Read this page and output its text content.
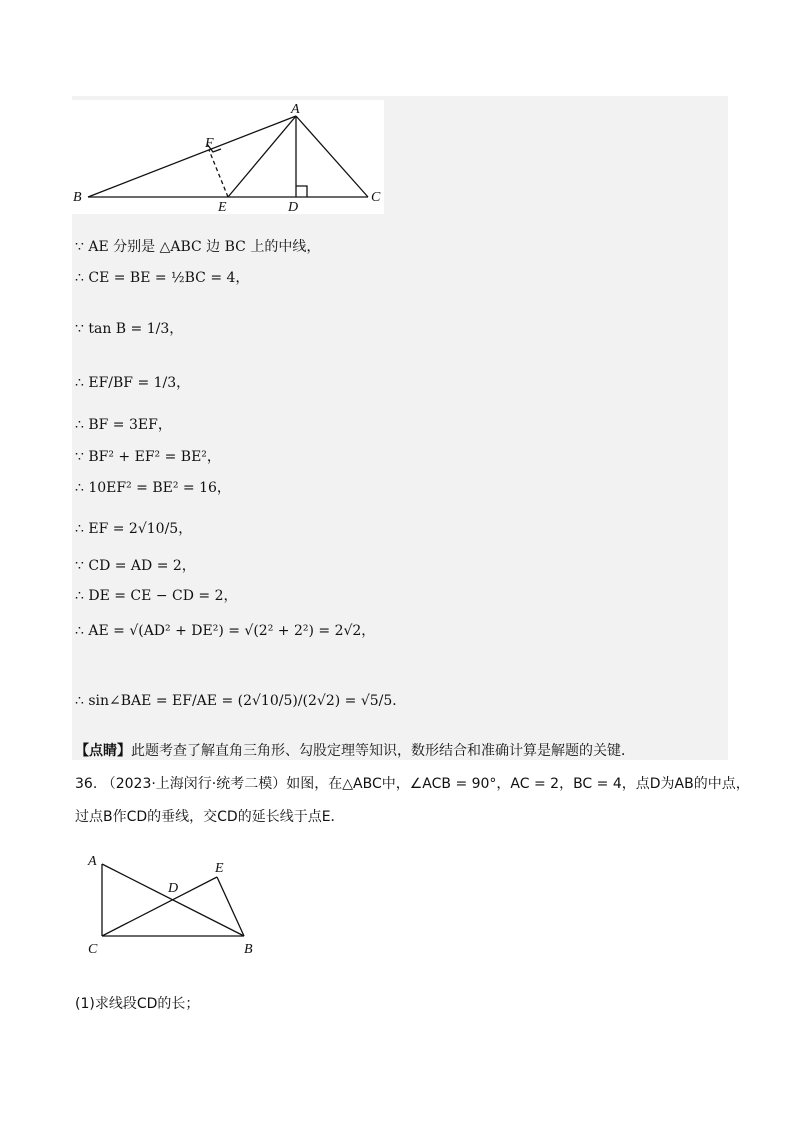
A
B	C
D
E
F
∵ AE 分别是 △ABC 边 BC 上的中线，
∴ CE = BE = ½BC = 4，
∵ tan B = 1/3，
∴ EF/BF = 1/3，
∴ BF = 3EF，
∵ BF² + EF² = BE²，
∴ 10EF² = BE² = 16，
∴ EF = 2√10/5，
∵ CD = AD = 2，
∴ DE = CE − CD = 2，
∴ AE = √(AD² + DE²) = √(2² + 2²) = 2√2，
∴ sin∠BAE = EF/AE = (2√10/5)/(2√2) = √5/5．
【点睛】此题考查了解直角三角形、勾股定理等知识，数形结合和准确计算是解题的关键．
36. （2023·上海闵行·统考二模）如图，在△ABC中，∠ACB = 90°，AC = 2，BC = 4，点D为AB的中点，
过点B作CD的垂线，交CD的延长线于点E．
A
C
D
E
B
(1)求线段CD的长；
